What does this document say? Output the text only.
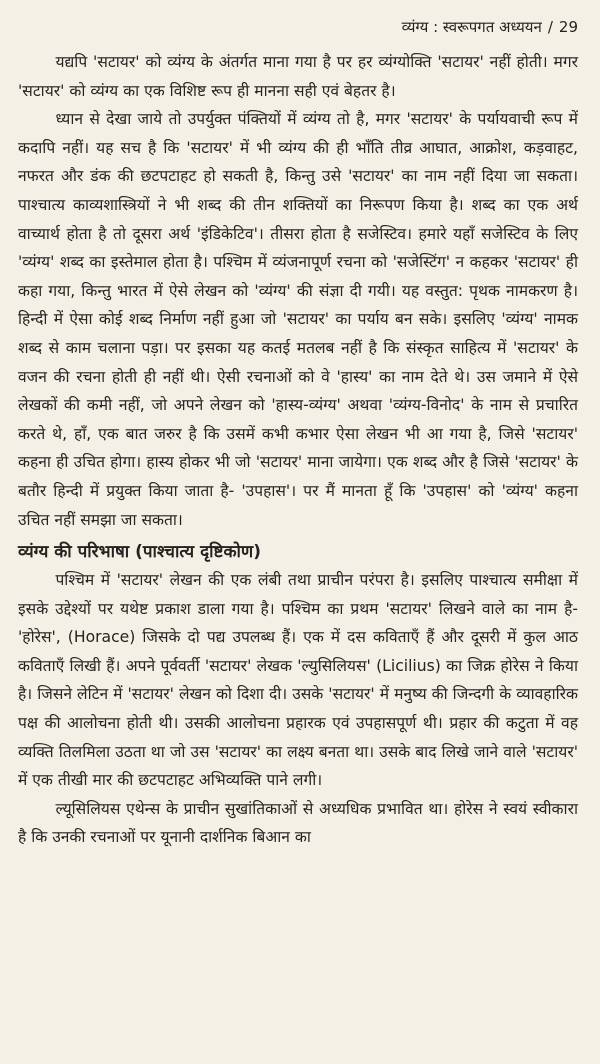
व्यंग्य : स्वरूपगत अध्ययन / 29

यद्यपि 'सटायर' को व्यंग्य के अंतर्गत माना गया है पर हर व्यंग्योक्ति 'सटायर' नहीं होती। मगर 'सटायर' को व्यंग्य का एक विशिष्ट रूप ही मानना सही एवं बेहतर है।

ध्यान से देखा जाये तो उपर्युक्त पंक्तियों में व्यंग्य तो है, मगर 'सटायर' के पर्यायवाची रूप में कदापि नहीं। यह सच है कि 'सटायर' में भी व्यंग्य की ही भाँति तीव्र आघात, आक्रोश, कड़वाहट, नफरत और डंक की छटपटाहट हो सकती है, किन्तु उसे 'सटायर' का नाम नहीं दिया जा सकता। पाश्चात्य काव्यशास्त्रियों ने भी शब्द की तीन शक्तियों का निरूपण किया है। शब्द का एक अर्थ वाच्यार्थ होता है तो दूसरा अर्थ 'इंडिकेटिव'। तीसरा होता है सजेस्टिव। हमारे यहाँ सजेस्टिव के लिए 'व्यंग्य' शब्द का इस्तेमाल होता है। पश्चिम में व्यंजनापूर्ण रचना को 'सजेस्टिंग' न कहकर 'सटायर' ही कहा गया, किन्तु भारत में ऐसे लेखन को 'व्यंग्य' की संज्ञा दी गयी। यह वस्तुत: पृथक नामकरण है। हिन्दी में ऐसा कोई शब्द निर्माण नहीं हुआ जो 'सटायर' का पर्याय बन सके। इसलिए 'व्यंग्य' नामक शब्द से काम चलाना पड़ा। पर इसका यह कतई मतलब नहीं है कि संस्कृत साहित्य में 'सटायर' के वजन की रचना होती ही नहीं थी। ऐसी रचनाओं को वे 'हास्य' का नाम देते थे। उस जमाने में ऐसे लेखकों की कमी नहीं, जो अपने लेखन को 'हास्य-व्यंग्य' अथवा 'व्यंग्य-विनोद' के नाम से प्रचारित करते थे, हाँ, एक बात जरुर है कि उसमें कभी कभार ऐसा लेखन भी आ गया है, जिसे 'सटायर' कहना ही उचित होगा। हास्य होकर भी जो 'सटायर' माना जायेगा। एक शब्द और है जिसे 'सटायर' के बतौर हिन्दी में प्रयुक्त किया जाता है- 'उपहास'। पर मैं मानता हूँ कि 'उपहास' को 'व्यंग्य' कहना उचित नहीं समझा जा सकता।

व्यंग्य की परिभाषा (पाश्चात्य दृष्टिकोण)

पश्चिम में 'सटायर' लेखन की एक लंबी तथा प्राचीन परंपरा है। इसलिए पाश्चात्य समीक्षा में इसके उद्देश्यों पर यथेष्ट प्रकाश डाला गया है। पश्चिम का प्रथम 'सटायर' लिखने वाले का नाम है- 'होरेस', (Horace) जिसके दो पद्य उपलब्ध हैं। एक में दस कविताएँ हैं और दूसरी में कुल आठ कविताएँ लिखी हैं। अपने पूर्ववर्ती 'सटायर' लेखक 'ल्युसिलियस' (Licilius) का जिक्र होरेस ने किया है। जिसने लेटिन में 'सटायर' लेखन को दिशा दी। उसके 'सटायर' में मनुष्य की जिन्दगी के व्यावहारिक पक्ष की आलोचना होती थी। उसकी आलोचना प्रहारक एवं उपहासपूर्ण थी। प्रहार की कटुता में वह व्यक्ति तिलमिला उठता था जो उस 'सटायर' का लक्ष्य बनता था। उसके बाद लिखे जाने वाले 'सटायर' में एक तीखी मार की छटपटाहट अभिव्यक्ति पाने लगी।

ल्यूसिलियस एथेन्स के प्राचीन सुखांतिकाओं से अध्यधिक प्रभावित था। होरेस ने स्वयं स्वीकारा है कि उनकी रचनाओं पर यूनानी दार्शनिक बिआन का
